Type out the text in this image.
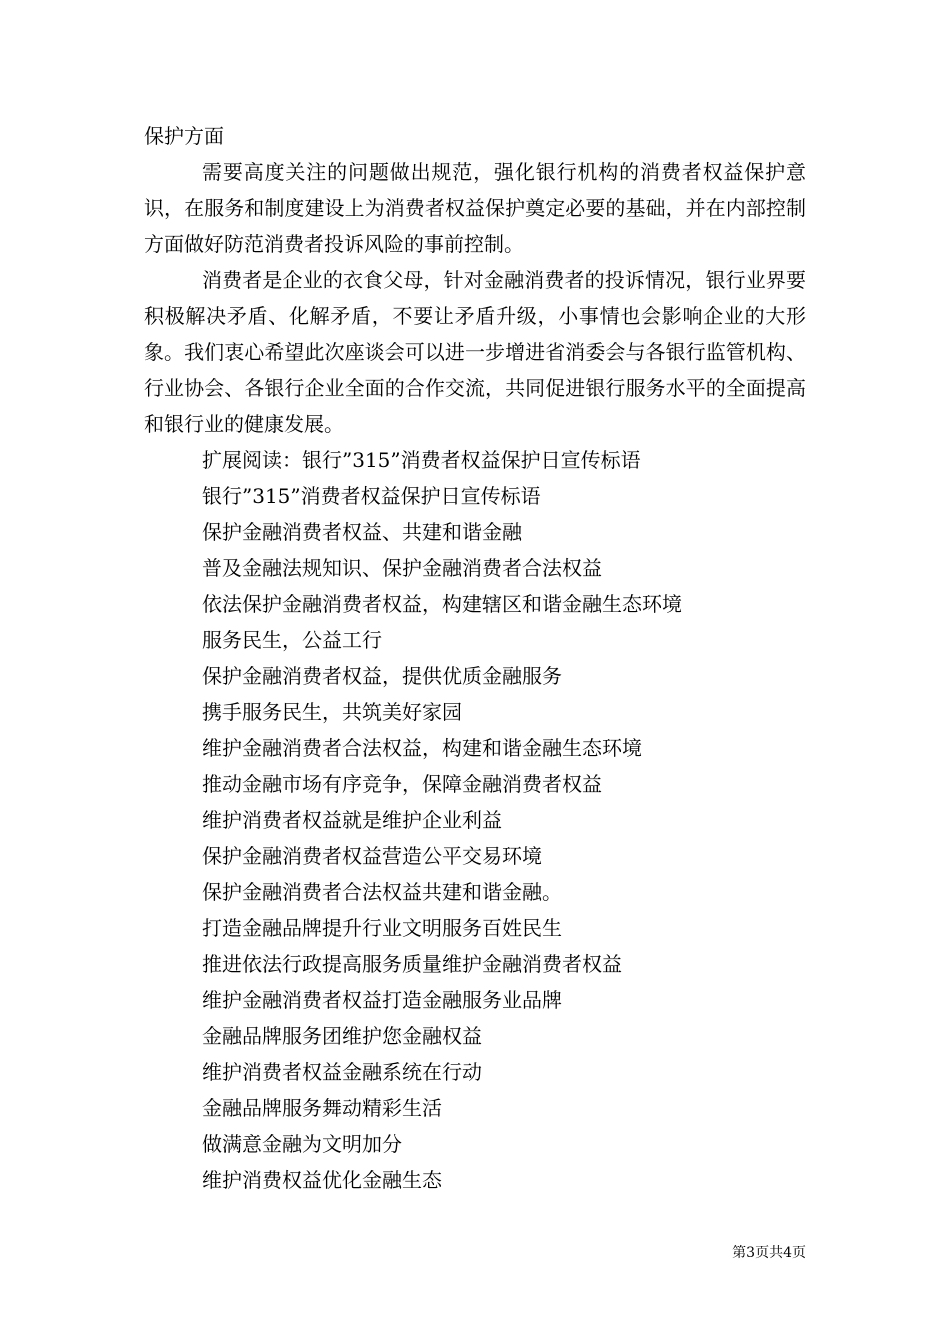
保护方面

需要高度关注的问题做出规范，强化银行机构的消费者权益保护意识，在服务和制度建设上为消费者权益保护奠定必要的基础，并在内部控制方面做好防范消费者投诉风险的事前控制。

消费者是企业的衣食父母，针对金融消费者的投诉情况，银行业界要积极解决矛盾、化解矛盾，不要让矛盾升级，小事情也会影响企业的大形象。我们衷心希望此次座谈会可以进一步增进省消委会与各银行监管机构、行业协会、各银行企业全面的合作交流，共同促进银行服务水平的全面提高和银行业的健康发展。

扩展阅读：银行”315”消费者权益保护日宣传标语

银行”315”消费者权益保护日宣传标语

保护金融消费者权益、共建和谐金融

普及金融法规知识、保护金融消费者合法权益

依法保护金融消费者权益，构建辖区和谐金融生态环境

服务民生，公益工行

保护金融消费者权益，提供优质金融服务

携手服务民生，共筑美好家园

维护金融消费者合法权益，构建和谐金融生态环境

推动金融市场有序竞争，保障金融消费者权益

维护消费者权益就是维护企业利益

保护金融消费者权益营造公平交易环境

保护金融消费者合法权益共建和谐金融。

打造金融品牌提升行业文明服务百姓民生

推进依法行政提高服务质量维护金融消费者权益

维护金融消费者权益打造金融服务业品牌

金融品牌服务团维护您金融权益

维护消费者权益金融系统在行动

金融品牌服务舞动精彩生活

做满意金融为文明加分

维护消费权益优化金融生态

第3页共4页
